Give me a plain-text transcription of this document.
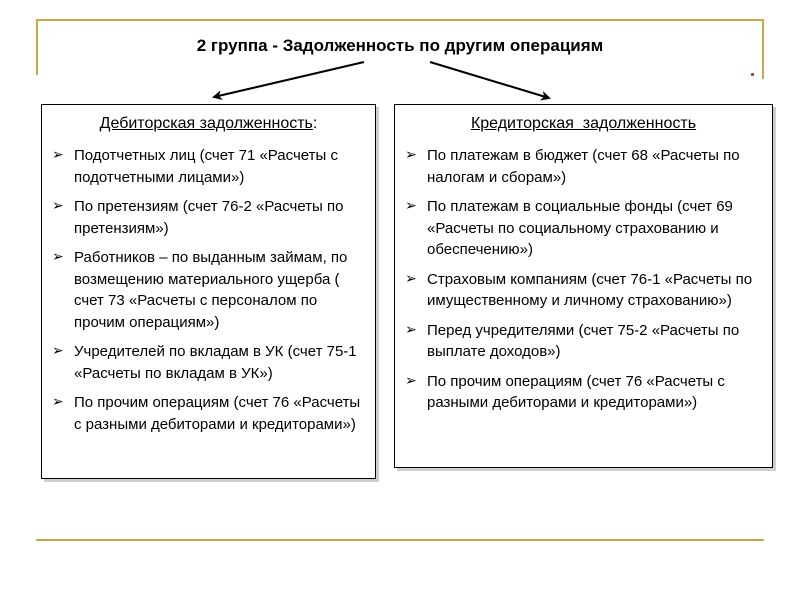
2 группа - Задолженность по другим операциям
Дебиторская задолженность:
➢ Подотчетных лиц (счет 71 «Расчеты с подотчетными лицами»)
➢ По претензиям (счет 76-2 «Расчеты по претензиям»)
➢ Работников – по выданным займам, по возмещению материального ущерба ( счет 73 «Расчеты с персоналом по прочим операциям»)
➢ Учредителей по вкладам в УК (счет 75-1 «Расчеты по вкладам в УК»)
➢ По прочим операциям (счет 76 «Расчеты с разными дебиторами и кредиторами»)
Кредиторская  задолженность
➢ По платежам в бюджет (счет 68 «Расчеты по налогам и сборам»)
➢ По платежам в социальные фонды (счет 69 «Расчеты по социальному страхованию и обеспечению»)
➢ Страховым компаниям (счет 76-1 «Расчеты по имущественному и личному страхованию»)
➢ Перед учредителями (счет 75-2 «Расчеты по выплате доходов»)
➢ По прочим операциям (счет 76 «Расчеты с разными дебиторами и кредиторами»)
